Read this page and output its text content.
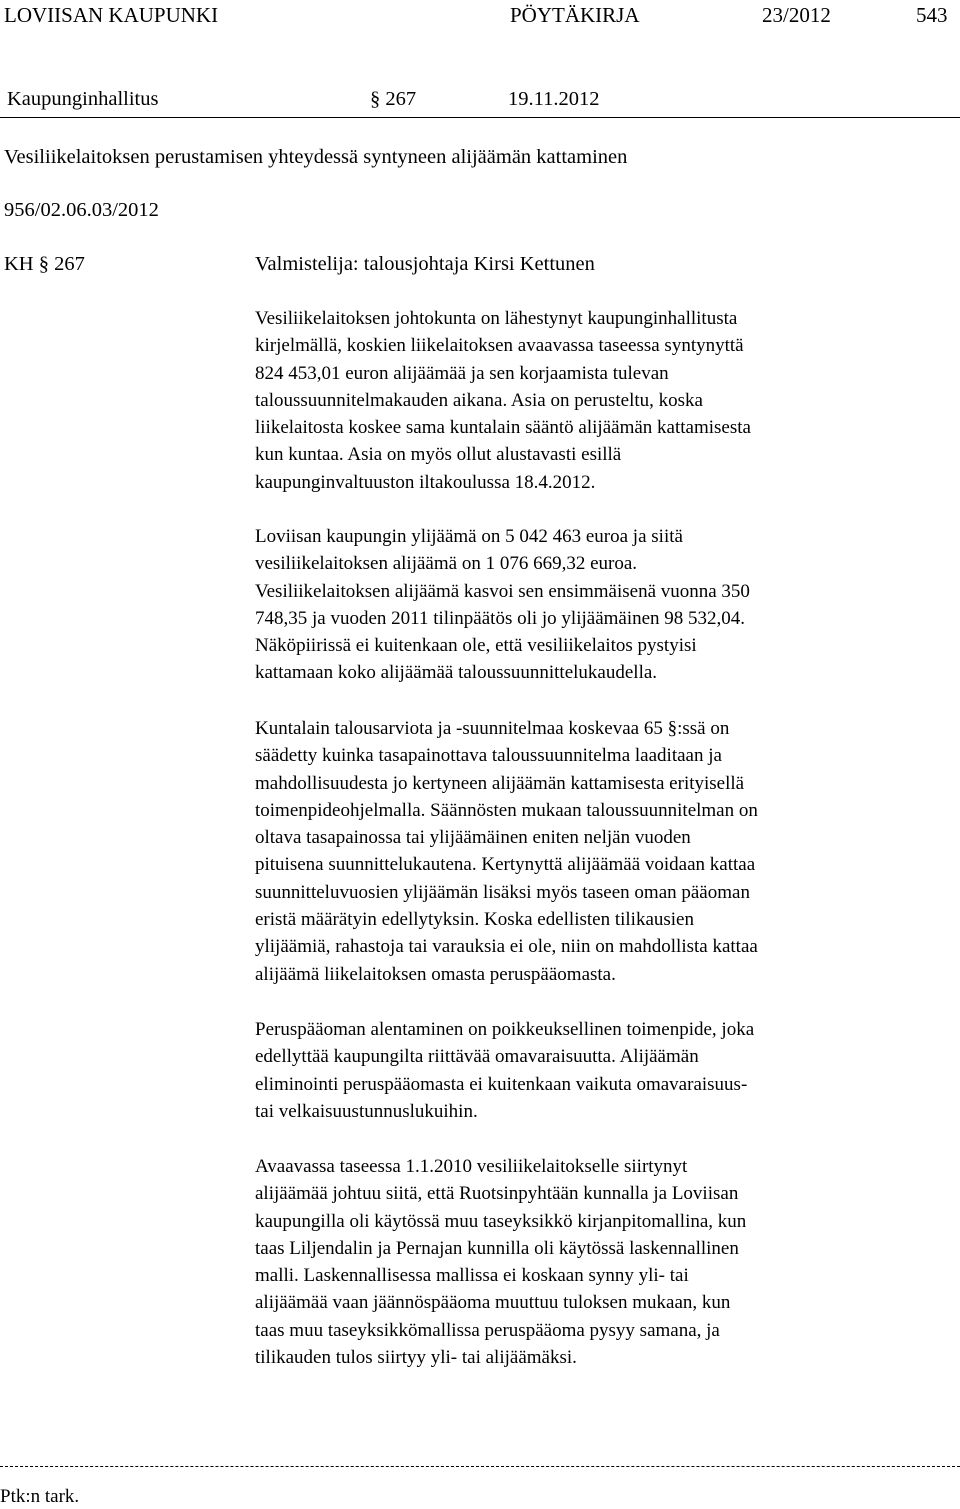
LOVIISAN KAUPUNKI	PÖYTÄKIRJA	23/2012	543
Kaupunginhallitus	§ 267	19.11.2012
Vesiliikelaitoksen perustamisen yhteydessä syntyneen alijäämän kattaminen
956/02.06.03/2012
KH § 267	Valmistelija: talousjohtaja Kirsi Kettunen

Vesiliikelaitoksen johtokunta on lähestynyt kaupunginhallitusta

kirjelmällä, koskien liikelaitoksen avaavassa taseessa syntynyttä

824 453,01 euron alijäämää ja sen korjaamista tulevan

taloussuunnitelmakauden aikana. Asia on perusteltu, koska

liikelaitosta koskee sama kuntalain sääntö alijäämän kattamisesta

kun kuntaa. Asia on myös ollut alustavasti esillä

kaupunginvaltuuston iltakoulussa 18.4.2012.

Loviisan kaupungin ylijäämä on 5 042 463 euroa ja siitä

vesiliikelaitoksen alijäämä on 1 076 669,32 euroa.

Vesiliikelaitoksen alijäämä kasvoi sen ensimmäisenä vuonna 350

748,35 ja vuoden 2011 tilinpäätös oli jo ylijäämäinen 98 532,04.

Näköpiirissä ei kuitenkaan ole, että vesiliikelaitos pystyisi

kattamaan koko alijäämää taloussuunnittelukaudella.

Kuntalain talousarviota ja -suunnitelmaa koskevaa 65 §:ssä on

säädetty kuinka tasapainottava taloussuunnitelma laaditaan ja

mahdollisuudesta jo kertyneen alijäämän kattamisesta erityisellä

toimenpideohjelmalla. Säännösten mukaan taloussuunnitelman on

oltava tasapainossa tai ylijäämäinen eniten neljän vuoden

pituisena suunnittelukautena. Kertynyttä alijäämää voidaan kattaa

suunnitteluvuosien ylijäämän lisäksi myös taseen oman pääoman

eristä määrätyin edellytyksin. Koska edellisten tilikausien

ylijäämiä, rahastoja tai varauksia ei ole, niin on mahdollista kattaa

alijäämä liikelaitoksen omasta peruspääomasta.

Peruspääoman alentaminen on poikkeuksellinen toimenpide, joka

edellyttää kaupungilta riittävää omavaraisuutta. Alijäämän

eliminointi peruspääomasta ei kuitenkaan vaikuta omavaraisuus-

tai velkaisuustunnuslukuihin.

Avaavassa taseessa 1.1.2010 vesiliikelaitokselle siirtynyt

alijäämää johtuu siitä, että Ruotsinpyhtään kunnalla ja Loviisan

kaupungilla oli käytössä muu taseyksikkö kirjanpitomallina, kun

taas Liljendalin ja Pernajan kunnilla oli käytössä laskennallinen

malli. Laskennallisessa mallissa ei koskaan synny yli- tai

alijäämää vaan jäännöspääoma muuttuu tuloksen mukaan, kun

taas muu taseyksikkömallissa peruspääoma pysyy samana, ja

tilikauden tulos siirtyy yli- tai alijäämäksi.

Ptk:n tark.
